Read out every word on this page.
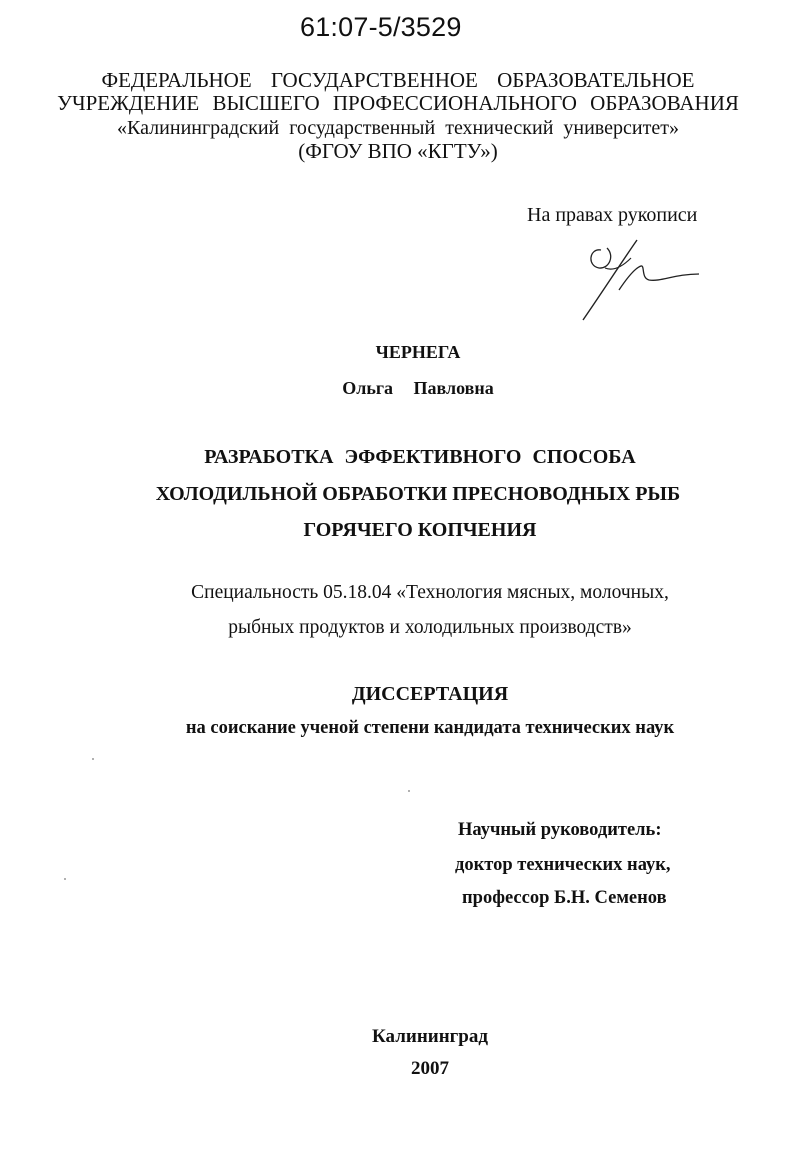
61:07-5/3529
ФЕДЕРАЛЬНОЕ ГОСУДАРСТВЕННОЕ ОБРАЗОВАТЕЛЬНОЕ
УЧРЕЖДЕНИЕ ВЫСШЕГО ПРОФЕССИОНАЛЬНОГО ОБРАЗОВАНИЯ
«Калининградский государственный технический университет»
(ФГОУ ВПО «КГТУ»)
На правах рукописи
ЧЕРНЕГА
Ольга Павловна
РАЗРАБОТКА ЭФФЕКТИВНОГО СПОСОБА
ХОЛОДИЛЬНОЙ ОБРАБОТКИ ПРЕСНОВОДНЫХ РЫБ
ГОРЯЧЕГО КОПЧЕНИЯ
Специальность 05.18.04 «Технология мясных, молочных,
рыбных продуктов и холодильных производств»
ДИССЕРТАЦИЯ
на соискание ученой степени кандидата технических наук
Научный руководитель:
доктор технических наук,
профессор Б.Н. Семенов
Калининград
2007
